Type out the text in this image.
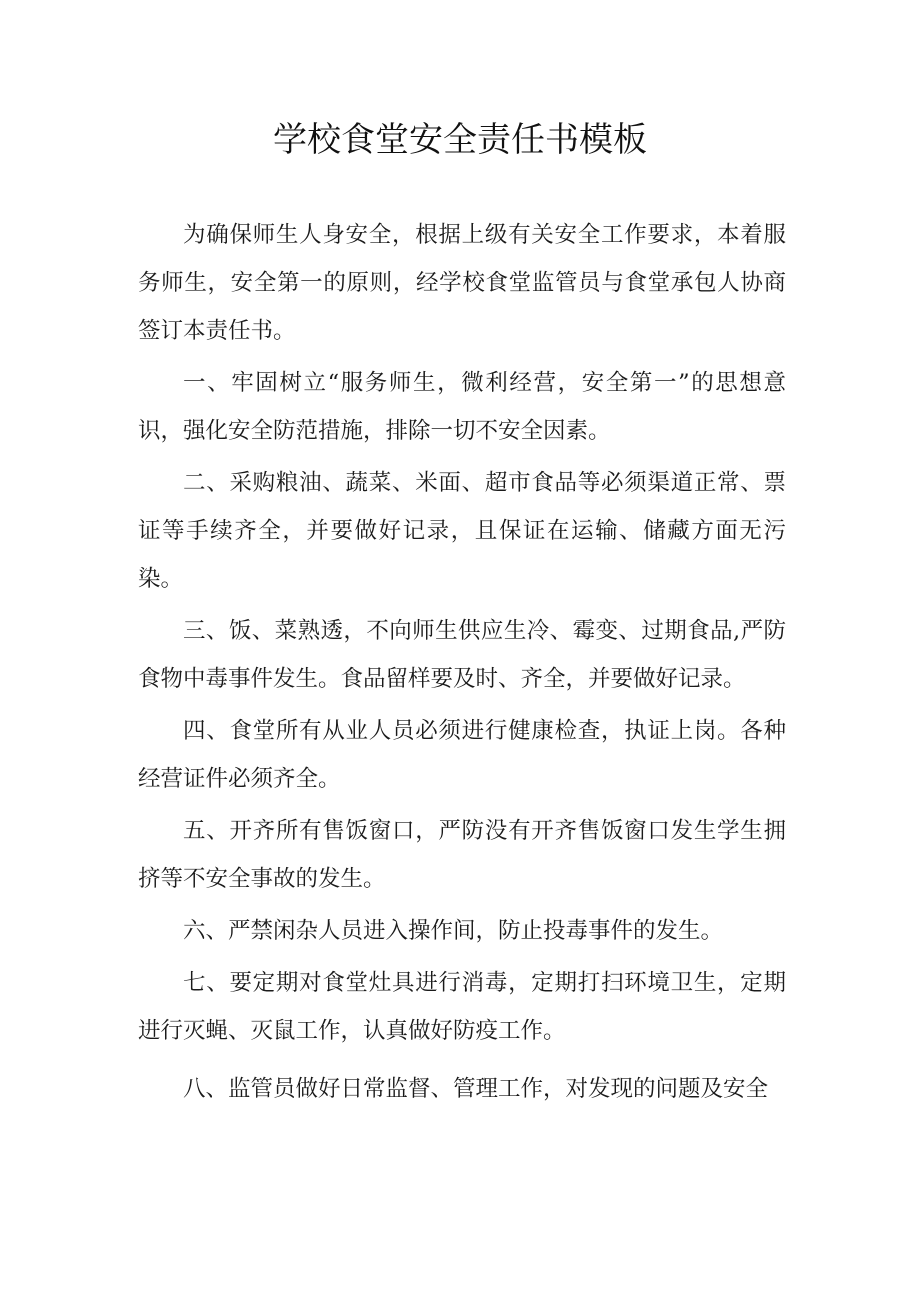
学校食堂安全责任书模板

为确保师生人身安全，根据上级有关安全工作要求，本着服务师生，安全第一的原则，经学校食堂监管员与食堂承包人协商签订本责任书。

一、牢固树立“服务师生，微利经营，安全第一”的思想意识，强化安全防范措施，排除一切不安全因素。

二、采购粮油、蔬菜、米面、超市食品等必须渠道正常、票证等手续齐全，并要做好记录，且保证在运输、储藏方面无污染。

三、饭、菜熟透，不向师生供应生冷、霉变、过期食品,严防食物中毒事件发生。食品留样要及时、齐全，并要做好记录。

四、食堂所有从业人员必须进行健康检查，执证上岗。各种经营证件必须齐全。

五、开齐所有售饭窗口，严防没有开齐售饭窗口发生学生拥挤等不安全事故的发生。

六、严禁闲杂人员进入操作间，防止投毒事件的发生。

七、要定期对食堂灶具进行消毒，定期打扫环境卫生，定期进行灭蝇、灭鼠工作，认真做好防疫工作。

八、监管员做好日常监督、管理工作，对发现的问题及安全
